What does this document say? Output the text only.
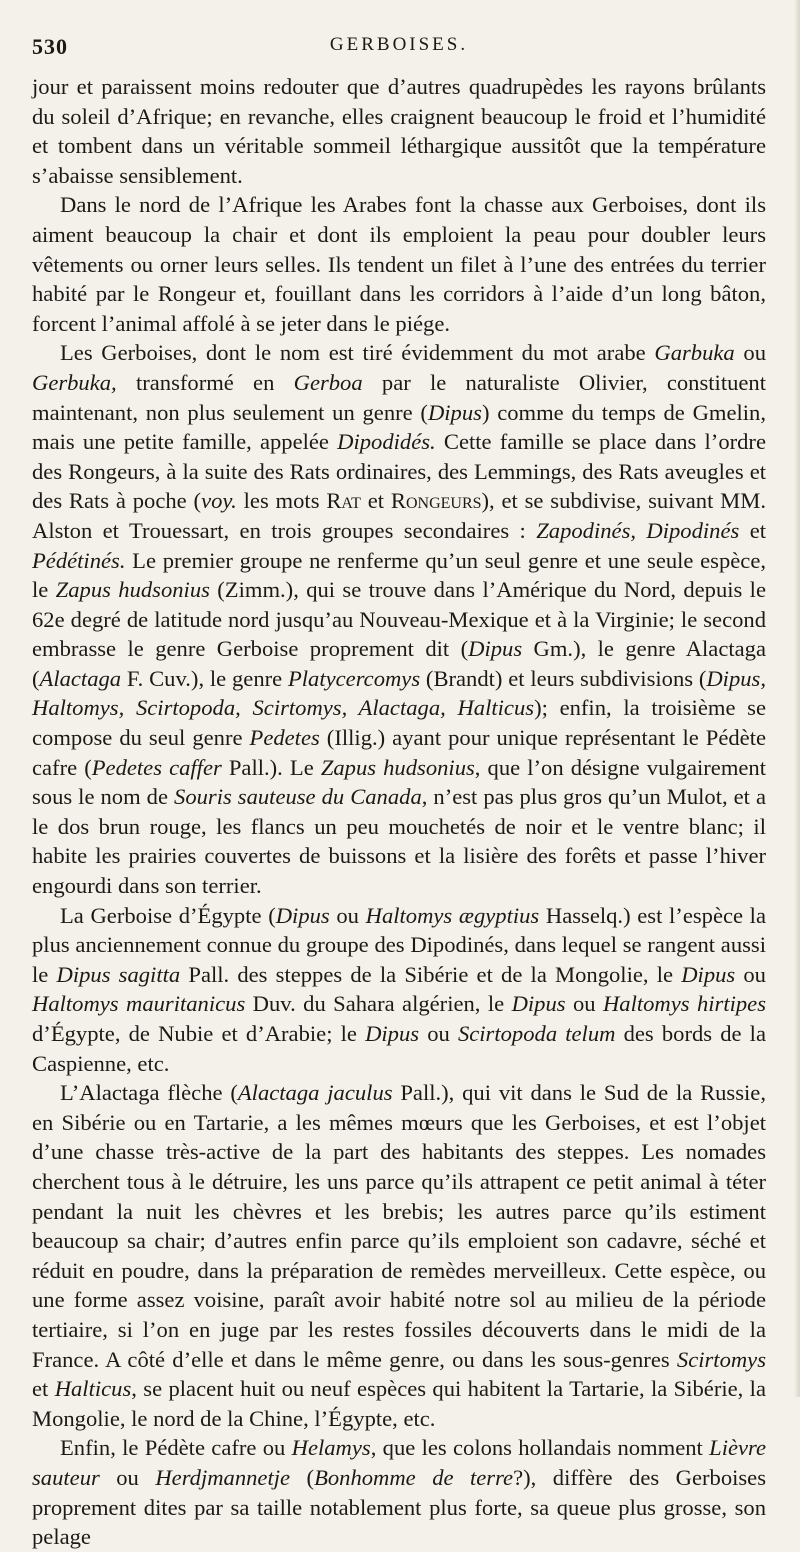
530	GERBOISES.

jour et paraissent moins redouter que d’autres quadrupèdes les rayons brûlants du soleil d’Afrique; en revanche, elles craignent beaucoup le froid et l’humidité et tombent dans un véritable sommeil léthargique aussitôt que la température s’abaisse sensiblement.

Dans le nord de l’Afrique les Arabes font la chasse aux Gerboises, dont ils aiment beaucoup la chair et dont ils emploient la peau pour doubler leurs vêtements ou orner leurs selles. Ils tendent un filet à l’une des entrées du terrier habité par le Rongeur et, fouillant dans les corridors à l’aide d’un long bâton, forcent l’animal affolé à se jeter dans le piége.

Les Gerboises, dont le nom est tiré évidemment du mot arabe Garbuka ou Gerbuka, transformé en Gerboa par le naturaliste Olivier, constituent maintenant, non plus seulement un genre (Dipus) comme du temps de Gmelin, mais une petite famille, appelée Dipodidés. Cette famille se place dans l’ordre des Rongeurs, à la suite des Rats ordinaires, des Lemmings, des Rats aveugles et des Rats à poche (voy. les mots Rat et Rongeurs), et se subdivise, suivant MM. Alston et Trouessart, en trois groupes secondaires : Zapodinés, Dipodinés et Pédétinés. Le premier groupe ne renferme qu’un seul genre et une seule espèce, le Zapus hudsonius (Zimm.), qui se trouve dans l’Amérique du Nord, depuis le 62e degré de latitude nord jusqu’au Nouveau-Mexique et à la Virginie; le second embrasse le genre Gerboise proprement dit (Dipus Gm.), le genre Alactaga (Alactaga F. Cuv.), le genre Platycercomys (Brandt) et leurs subdivisions (Dipus, Haltomys, Scirtopoda, Scirtomys, Alactaga, Halticus); enfin, la troisième se compose du seul genre Pedetes (Illig.) ayant pour unique représentant le Pédète cafre (Pedetes caffer Pall.). Le Zapus hudsonius, que l’on désigne vulgairement sous le nom de Souris sauteuse du Canada, n’est pas plus gros qu’un Mulot, et a le dos brun rouge, les flancs un peu mouchetés de noir et le ventre blanc; il habite les prairies couvertes de buissons et la lisière des forêts et passe l’hiver engourdi dans son terrier.

La Gerboise d’Égypte (Dipus ou Haltomys ægyptius Hasselq.) est l’espèce la plus anciennement connue du groupe des Dipodinés, dans lequel se rangent aussi le Dipus sagitta Pall. des steppes de la Sibérie et de la Mongolie, le Dipus ou Haltomys mauritanicus Duv. du Sahara algérien, le Dipus ou Haltomys hirtipes d’Égypte, de Nubie et d’Arabie; le Dipus ou Scirtopoda telum des bords de la Caspienne, etc.

L’Alactaga flèche (Alactaga jaculus Pall.), qui vit dans le Sud de la Russie, en Sibérie ou en Tartarie, a les mêmes mœurs que les Gerboises, et est l’objet d’une chasse très-active de la part des habitants des steppes. Les nomades cherchent tous à le détruire, les uns parce qu’ils attrapent ce petit animal à téter pendant la nuit les chèvres et les brebis; les autres parce qu’ils estiment beaucoup sa chair; d’autres enfin parce qu’ils emploient son cadavre, séché et réduit en poudre, dans la préparation de remèdes merveilleux. Cette espèce, ou une forme assez voisine, paraît avoir habité notre sol au milieu de la période tertiaire, si l’on en juge par les restes fossiles découverts dans le midi de la France. A côté d’elle et dans le même genre, ou dans les sous-genres Scirtomys et Halticus, se placent huit ou neuf espèces qui habitent la Tartarie, la Sibérie, la Mongolie, le nord de la Chine, l’Égypte, etc.

Enfin, le Pédète cafre ou Helamys, que les colons hollandais nomment Lièvre sauteur ou Herdjmannetje (Bonhomme de terre?), diffère des Gerboises proprement dites par sa taille notablement plus forte, sa queue plus grosse, son pelage
